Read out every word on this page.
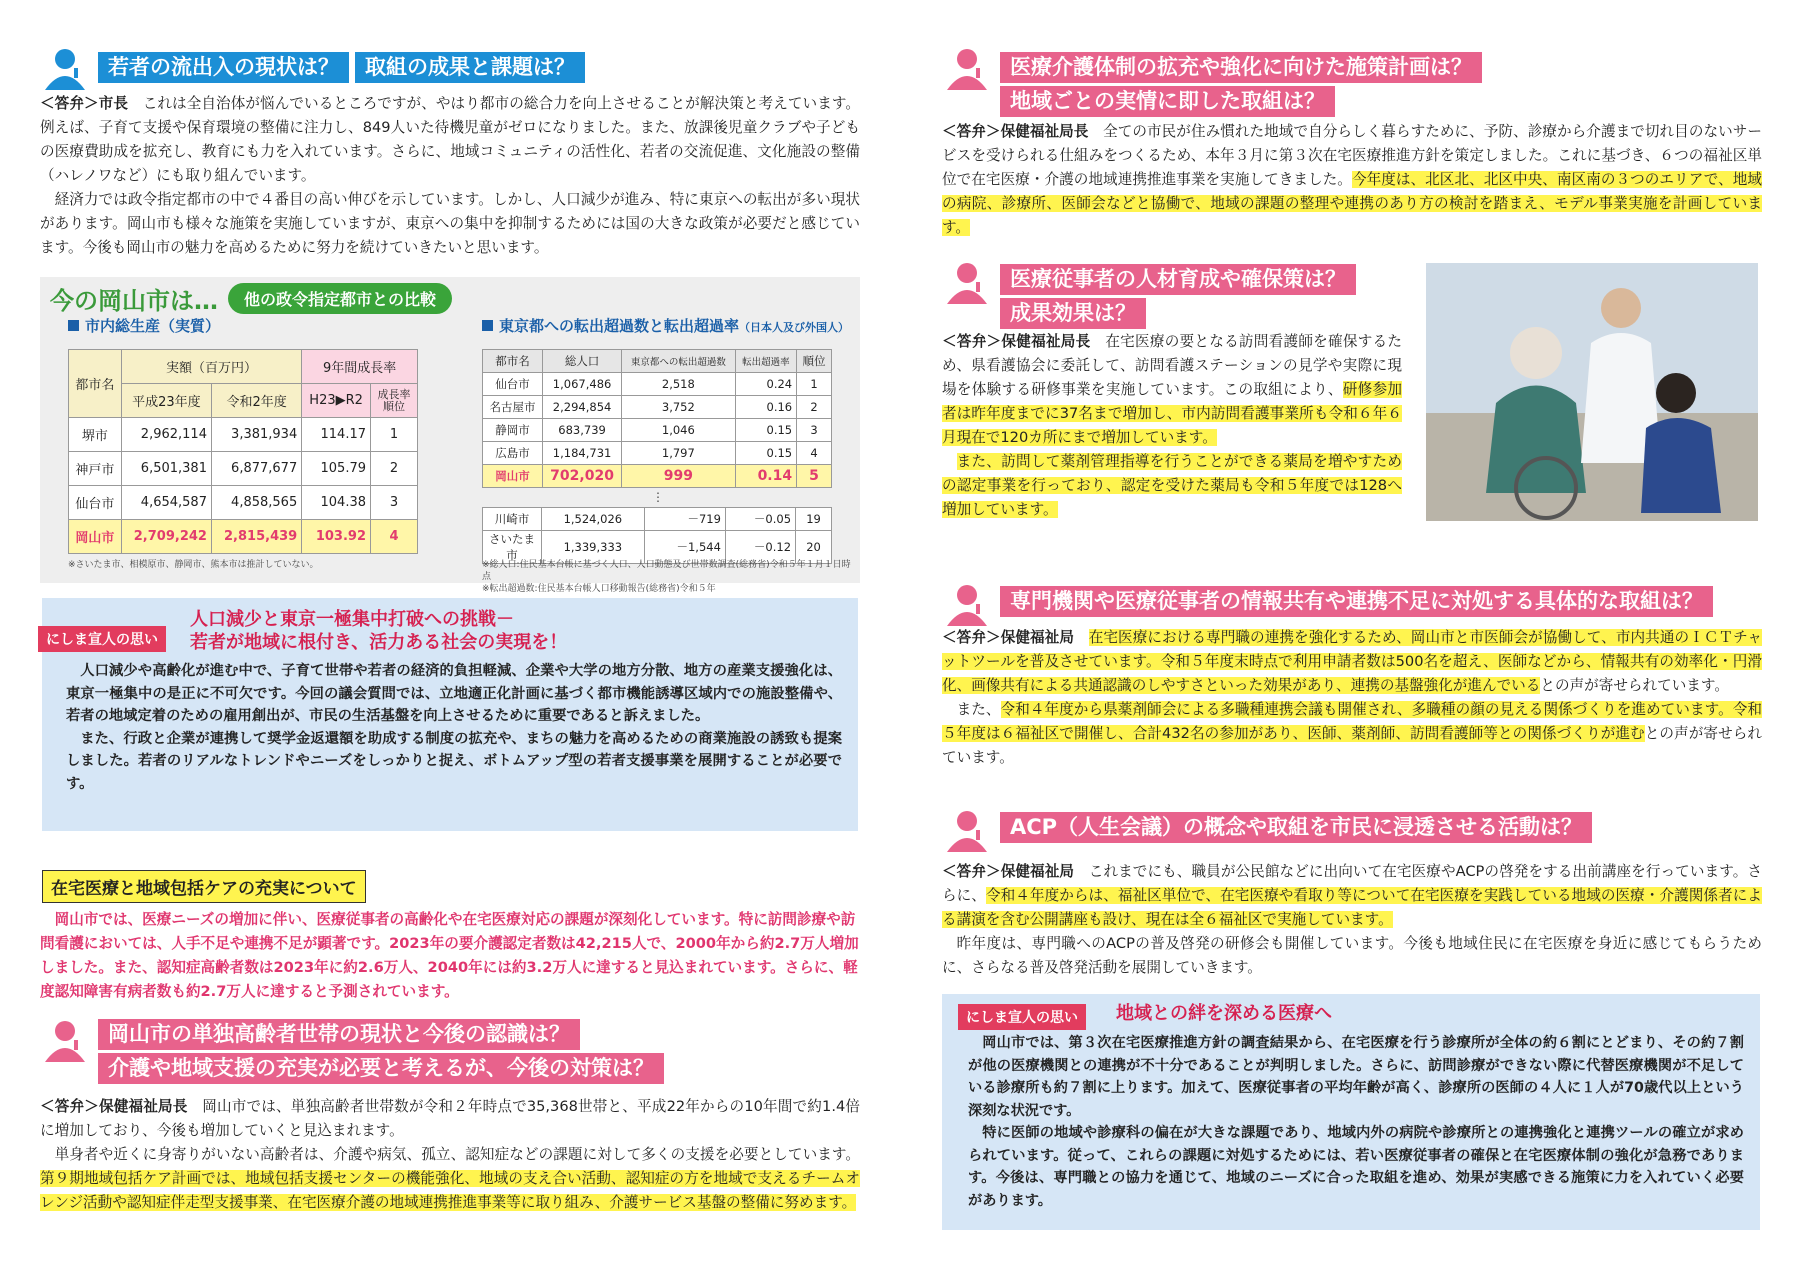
若者の流出入の現状は？ 取組の成果と課題は？

＜答弁＞市長　 これは全自治体が悩んでいるところですが、やはり都市の総合力を向上させることが解決策と考えています。例えば、子育て支援や保育環境の整備に注力し、849人いた待機児童がゼロになりました。また、放課後児童クラブや子どもの医療費助成を拡充し、教育にも力を入れています。さらに、地域コミュニティの活性化、若者の交流促進、文化施設の整備（ハレノワなど）にも取り組んでいます。

経済力では政令指定都市の中で４番目の高い伸びを示しています。しかし、人口減少が進み、特に東京への転出が多い現状があります。岡山市も様々な施策を実施していますが、東京への集中を抑制するためには国の大きな政策が必要だと感じています。今後も岡山市の魅力を高めるために努力を続けていきたいと思います。

今の岡山市は…	他の政令指定都市との比較
市内総生産（実質）
都市名	実額（百万円）		9年間成長率	
	平成23年度	令和2年度	H23▶R2	成長率順位
堺市	2,962,114	3,381,934	114.17	1
神戸市	6,501,381	6,877,677	105.79	2
仙台市	4,654,587	4,858,565	104.38	3
岡山市	2,709,242	2,815,439	103.92	4
※さいたま市、相模原市、静岡市、熊本市は推計していない。
東京都への転出超過数と転出超過率（日本人及び外国人）
都市名	総人口	東京都への転出超過数	転出超過率	順位
仙台市	1,067,486	2,518	0.24	1
名古屋市	2,294,854	3,752	0.16	2
静岡市	683,739	1,046	0.15	3
広島市	1,184,731	1,797	0.15	4
岡山市	702,020	999	0.14	5
⋮
川崎市	1,524,026	－719	－0.05	19
さいたま市	1,339,333	－1,544	－0.12	20
※総人口:住民基本台帳に基づく人口、人口動態及び世帯数調査(総務省)令和５年１月１日時点
※転出超過数:住民基本台帳人口移動報告(総務省)令和５年
にしま宣人の思い
人口減少と東京一極集中打破への挑戦－
若者が地域に根付き、活力ある社会の実現を！

人口減少や高齢化が進む中で、子育て世帯や若者の経済的負担軽減、企業や大学の地方分散、地方の産業支援強化は、東京一極集中の是正に不可欠です。今回の議会質問では、立地適正化計画に基づく都市機能誘導区域内での施設整備や、若者の地域定着のための雇用創出が、市民の生活基盤を向上させるために重要であると訴えました。

また、行政と企業が連携して奨学金返還額を助成する制度の拡充や、まちの魅力を高めるための商業施設の誘致も提案しました。若者のリアルなトレンドやニーズをしっかりと捉え、ボトムアップ型の若者支援事業を展開することが必要です。

在宅医療と地域包括ケアの充実について
岡山市では、医療ニーズの増加に伴い、医療従事者の高齢化や在宅医療対応の課題が深刻化しています。特に訪問診療や訪問看護においては、人手不足や連携不足が顕著です。2023年の要介護認定者数は42,215人で、2000年から約2.7万人増加しました。また、認知症高齢者数は2023年に約2.6万人、2040年には約3.2万人に達すると見込まれています。さらに、軽度認知障害有病者数も約2.7万人に達すると予測されています。
岡山市の単独高齢者世帯の現状と今後の認識は？
介護や地域支援の充実が必要と考えるが、今後の対策は？

＜答弁＞保健福祉局長　 岡山市では、単独高齢者世帯数が令和２年時点で35,368世帯と、平成22年からの10年間で約1.4倍に増加しており、今後も増加していくと見込まれます。

単身者や近くに身寄りがいない高齢者は、介護や病気、孤立、認知症などの課題に対して多くの支援を必要としています。第９期地域包括ケア計画では、地域包括支援センターの機能強化、地域の支え合い活動、認知症の方を地域で支えるチームオレンジ活動や認知症伴走型支援事業、在宅医療介護の地域連携推進事業等に取り組み、介護サービス基盤の整備に努めます。

医療介護体制の拡充や強化に向けた施策計画は？
地域ごとの実情に即した取組は？

＜答弁＞保健福祉局長　 全ての市民が住み慣れた地域で自分らしく暮らすために、予防、診療から介護まで切れ目のないサービスを受けられる仕組みをつくるため、本年３月に第３次在宅医療推進方針を策定しました。これに基づき、６つの福祉区単位で在宅医療・介護の地域連携推進事業を実施してきました。今年度は、北区北、北区中央、南区南の３つのエリアで、地域の病院、診療所、医師会などと協働で、地域の課題の整理や連携のあり方の検討を踏まえ、モデル事業実施を計画しています。

医療従事者の人材育成や確保策は？
成果効果は？

＜答弁＞保健福祉局長　 在宅医療の要となる訪問看護師を確保するため、県看護協会に委託して、訪問看護ステーションの見学や実際に現場を体験する研修事業を実施しています。この取組により、研修参加者は昨年度までに37名まで増加し、市内訪問看護事業所も令和６年６月現在で120カ所にまで増加しています。

また、訪問して薬剤管理指導を行うことができる薬局を増やすための認定事業を行っており、認定を受けた薬局も令和５年度では128へ増加しています。

専門機関や医療従事者の情報共有や連携不足に対処する具体的な取組は？

＜答弁＞保健福祉局　 在宅医療における専門職の連携を強化するため、岡山市と市医師会が協働して、市内共通のＩＣＴチャットツールを普及させています。令和５年度末時点で利用申請者数は500名を超え、医師などから、情報共有の効率化・円滑化、画像共有による共通認識のしやすさといった効果があり、連携の基盤強化が進んでいるとの声が寄せられています。

また、令和４年度から県薬剤師会による多職種連携会議も開催され、多職種の顔の見える関係づくりを進めています。令和５年度は６福祉区で開催し、合計432名の参加があり、医師、薬剤師、訪問看護師等との関係づくりが進むとの声が寄せられています。

ACP（人生会議）の概念や取組を市民に浸透させる活動は？

＜答弁＞保健福祉局　 これまでにも、職員が公民館などに出向いて在宅医療やACPの啓発をする出前講座を行っています。さらに、令和４年度からは、福祉区単位で、在宅医療や看取り等について在宅医療を実践している地域の医療・介護関係者による講演を含む公開講座も設け、現在は全６福祉区で実施しています。

昨年度は、専門職へのACPの普及啓発の研修会も開催しています。今後も地域住民に在宅医療を身近に感じてもらうために、さらなる普及啓発活動を展開していきます。

にしま宣人の思い	地域との絆を深める医療へ

岡山市では、第３次在宅医療推進方針の調査結果から、在宅医療を行う診療所が全体の約６割にとどまり、その約７割が他の医療機関との連携が不十分であることが判明しました。さらに、訪問診療ができない際に代替医療機関が不足している診療所も約７割に上ります。加えて、医療従事者の平均年齢が高く、診療所の医師の４人に１人が70歳代以上という深刻な状況です。

特に医師の地域や診療科の偏在が大きな課題であり、地域内外の病院や診療所との連携強化と連携ツールの確立が求められています。従って、これらの課題に対処するためには、若い医療従事者の確保と在宅医療体制の強化が急務であります。今後は、専門職との協力を通じて、地域のニーズに合った取組を進め、効果が実感できる施策に力を入れていく必要があります。
